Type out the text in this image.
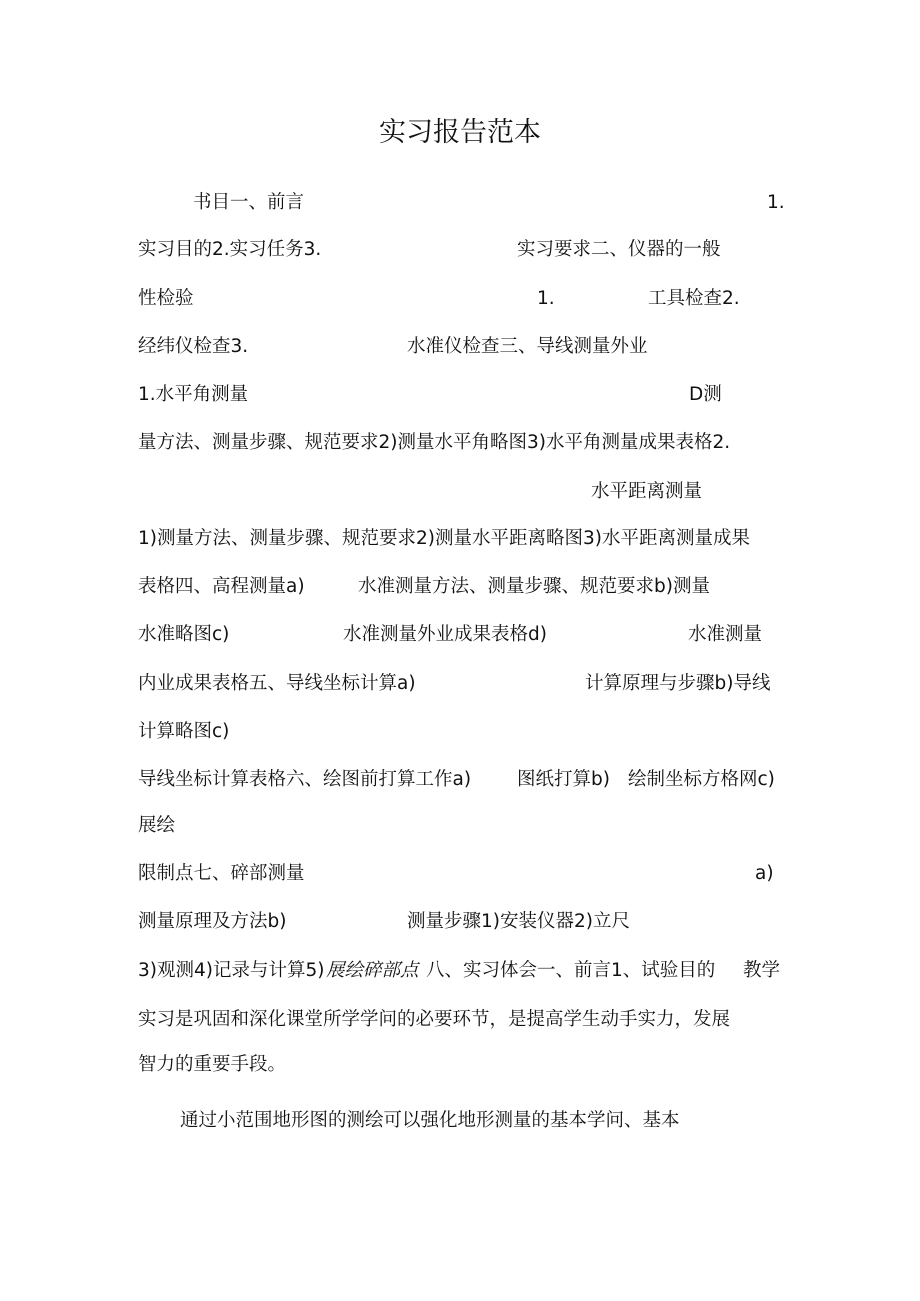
实习报告范本
书目一、前言	1.
实习目的2.实习任务3.	实习要求二、仪器的一般
性检验	1.	工具检查2.
经纬仪检查3.	水准仪检查三、导线测量外业
1.水平角测量	D测
量方法、测量步骤、规范要求2)测量水平角略图3)水平角测量成果表格2.
水平距离测量
1)测量方法、测量步骤、规范要求2)测量水平距离略图3)水平距离测量成果
表格四、高程测量a)	水准测量方法、测量步骤、规范要求b)测量
水准略图c)	水准测量外业成果表格d)	水准测量
内业成果表格五、导线坐标计算a)	计算原理与步骤b)导线
计算略图c)
导线坐标计算表格六、绘图前打算工作a) 图纸打算b) 绘制坐标方格网c)
展绘
限制点七、碎部测量	a)
测量原理及方法b)	测量步骤1)安装仪器2)立尺
3)观测4)记录与计算5) 展绘碎部点 八、实习体会一、前言1、试验目的 教学
实习是巩固和深化课堂所学学问的必要环节，是提高学生动手实力，发展
智力的重要手段。
通过小范围地形图的测绘可以强化地形测量的基本学问、基本
